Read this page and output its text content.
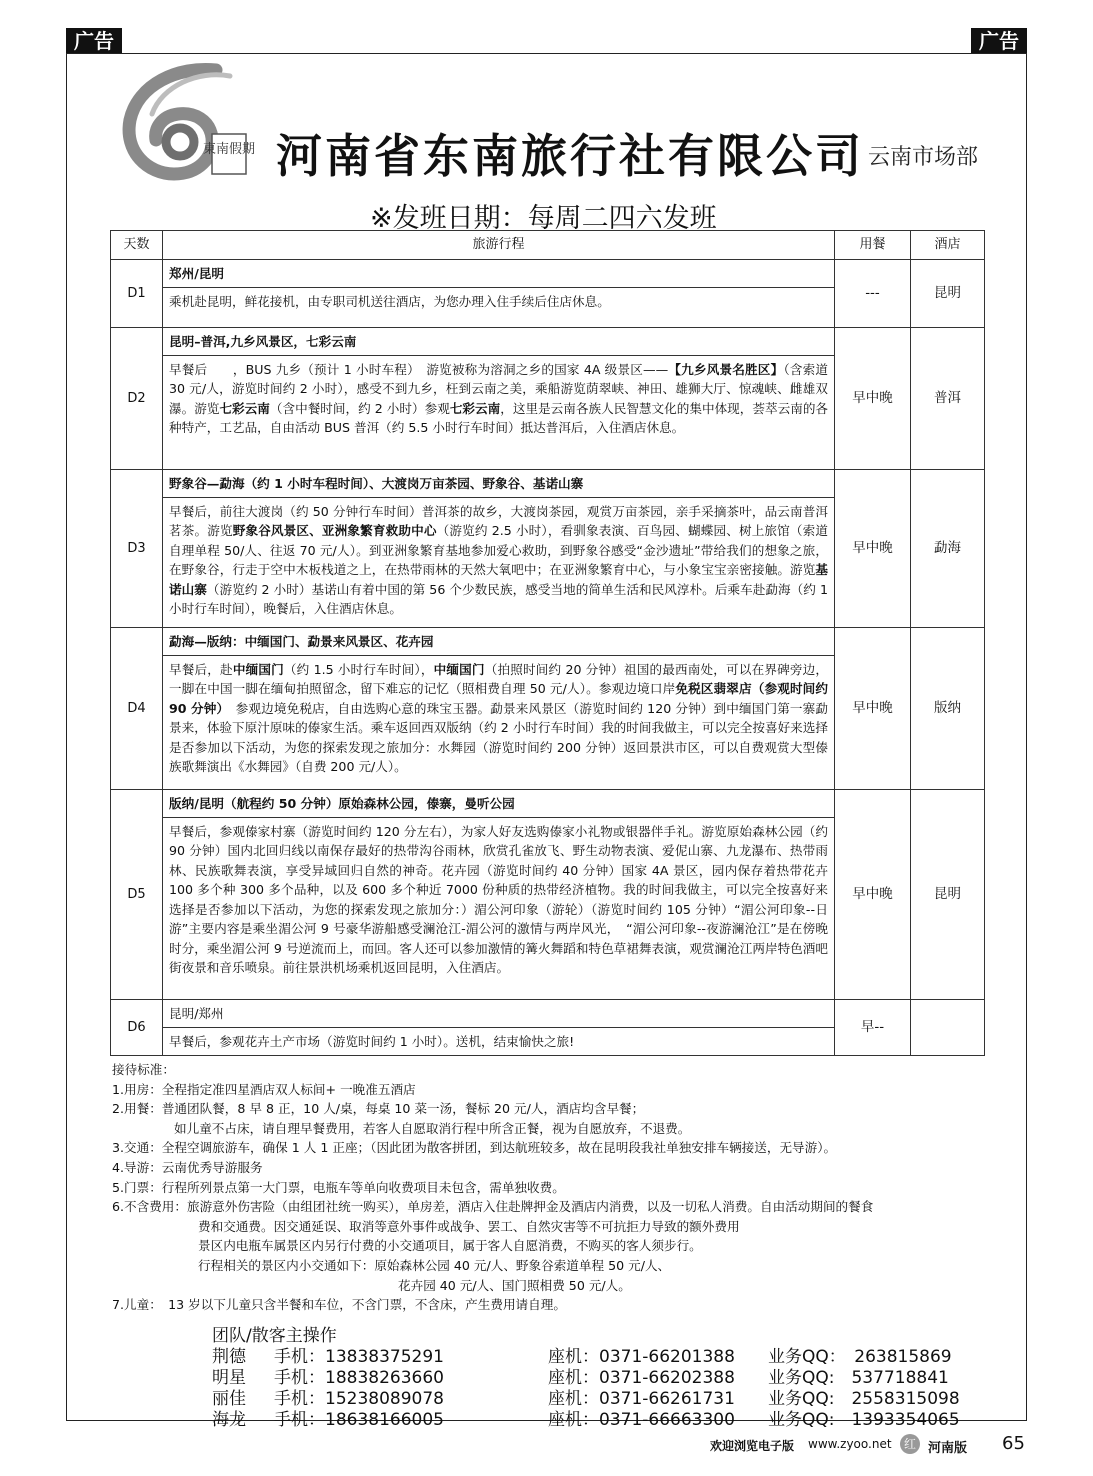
广告	广告
東南假期 河南省东南旅行社有限公司 云南市场部
※发班日期：每周二四六发班
天数	旅游行程	用餐	酒店
D1	郑州/昆明
乘机赴昆明，鲜花接机，由专职司机送往酒店，为您办理入住手续后住店休息。	---	昆明
D2	昆明–普洱,九乡风景区，七彩云南
早餐后　　，BUS 九乡（预计 1 小时车程）　游览被称为溶洞之乡的国家 4A 级景区——【九乡风景名胜区】（含索道 30 元/人，游览时间约 2 小时），感受不到九乡，枉到云南之美，乘船游览荫翠峡、神田、雄狮大厅、惊魂峡、雌雄双瀑。游览七彩云南（含中餐时间，约 2 小时）参观七彩云南，这里是云南各族人民智慧文化的集中体现，荟萃云南的各种特产，工艺品，自由活动 BUS 普洱（约 5.5 小时行车时间）抵达普洱后，入住酒店休息。	早中晚	普洱
D3	野象谷—勐海（约 1 小时车程时间）、大渡岗万亩茶园、野象谷、基诺山寨
早餐后，前往大渡岗（约 50 分钟行车时间）普洱茶的故乡，大渡岗茶园，观赏万亩茶园，亲手采摘茶叶，品云南普洱茗茶。游览野象谷风景区、亚洲象繁育救助中心（游览约 2.5 小时），看驯象表演、百鸟园、蝴蝶园、树上旅馆（索道自理单程 50/人、往返 70 元/人）。到亚洲象繁育基地参加爱心救助，到野象谷感受“金沙遗址”带给我们的想象之旅，在野象谷，行走于空中木板栈道之上，在热带雨林的天然大氧吧中；在亚洲象繁育中心，与小象宝宝亲密接触。游览基诺山寨（游览约 2 小时）基诺山有着中国的第 56 个少数民族，感受当地的简单生活和民风淳朴。后乘车赴勐海（约 1 小时行车时间），晚餐后，入住酒店休息。	早中晚	勐海
D4	勐海—版纳：中缅国门、勐景来风景区、花卉园
早餐后，赴中缅国门（约 1.5 小时行车时间），中缅国门（拍照时间约 20 分钟）祖国的最西南处，可以在界碑旁边，一脚在中国一脚在缅甸拍照留念，留下难忘的记忆（照相费自理 50 元/人）。参观边境口岸免税区翡翠店（参观时间约 90 分钟）　参观边境免税店，自由选购心意的珠宝玉器。勐景来风景区（游览时间约 120 分钟）到中缅国门第一寨勐景来，体验下原汁原味的傣家生活。乘车返回西双版纳（约 2 小时行车时间）我的时间我做主，可以完全按喜好来选择是否参加以下活动，为您的探索发现之旅加分：水舞园（游览时间约 200 分钟）返回景洪市区，可以自费观赏大型傣族歌舞演出《水舞园》（自费 200 元/人）。	早中晚	版纳
D5	版纳/昆明（航程约 50 分钟）原始森林公园，傣寨，曼听公园
早餐后，参观傣家村寨（游览时间约 120 分左右），为家人好友选购傣家小礼物或银器伴手礼。游览原始森林公园（约 90 分钟）国内北回归线以南保存最好的热带沟谷雨林，欣赏孔雀放飞、野生动物表演、爱伲山寨、九龙瀑布、热带雨林、民族歌舞表演，享受异域回归自然的神奇。花卉园（游览时间约 40 分钟）国家 4A 景区，园内保存着热带花卉 100 多个种 300 多个品种，以及 600 多个种近 7000 份种质的热带经济植物。我的时间我做主，可以完全按喜好来选择是否参加以下活动，为您的探索发现之旅加分：）湄公河印象（游轮）（游览时间约 105 分钟）“湄公河印象--日游”主要内容是乘坐湄公河 9 号豪华游船感受澜沧江-湄公河的激情与两岸风光，　“湄公河印象--夜游澜沧江”是在傍晚时分，乘坐湄公河 9 号逆流而上，而回。客人还可以参加激情的篝火舞蹈和特色草裙舞表演，观赏澜沧江两岸特色酒吧街夜景和音乐喷泉。前往景洪机场乘机返回昆明，入住酒店。	早中晚	昆明
D6	昆明/郑州
早餐后，参观花卉土产市场（游览时间约 1 小时）。送机，结束愉快之旅!	早--	
接待标准：
1.用房：全程指定准四星酒店双人标间+ 一晚准五酒店
2.用餐：普通团队餐，8 早 8 正，10 人/桌，每桌 10 菜一汤，餐标 20 元/人，酒店均含早餐；
如儿童不占床，请自理早餐费用，若客人自愿取消行程中所含正餐，视为自愿放弃，不退费。
3.交通：全程空调旅游车，确保 1 人 1 正座；（因此团为散客拼团，到达航班较多，故在昆明段我社单独安排车辆接送，无导游）。
4.导游：云南优秀导游服务
5.门票：行程所列景点第一大门票，电瓶车等单向收费项目未包含，需单独收费。
6.不含费用：旅游意外伤害险（由组团社统一购买），单房差，酒店入住赴牌押金及酒店内消费，以及一切私人消费。自由活动期间的餐食
费和交通费。因交通延误、取消等意外事件或战争、罢工、自然灾害等不可抗拒力导致的额外费用
景区内电瓶车属景区内另行付费的小交通项目，属于客人自愿消费，不购买的客人须步行。
行程相关的景区内小交通如下：原始森林公园 40 元/人、野象谷索道单程 50 元/人、
花卉园 40 元/人、国门照相费 50 元/人。
7.儿童：　13 岁以下儿童只含半餐和车位，不含门票，不含床，产生费用请自理。
团队/散客主操作
荆德	手机：13838375291	座机：0371-66201388	业务QQ：　263815869
明星	手机：18838263660	座机：0371-66202388	业务QQ:　537718841
丽佳	手机：15238089078	座机：0371-66261731	业务QQ:　2558315098
海龙	手机：18638166005	座机：0371-66663300	业务QQ:　1393354065
欢迎浏览电子版 www.zyoo.net	红 河南版 65
